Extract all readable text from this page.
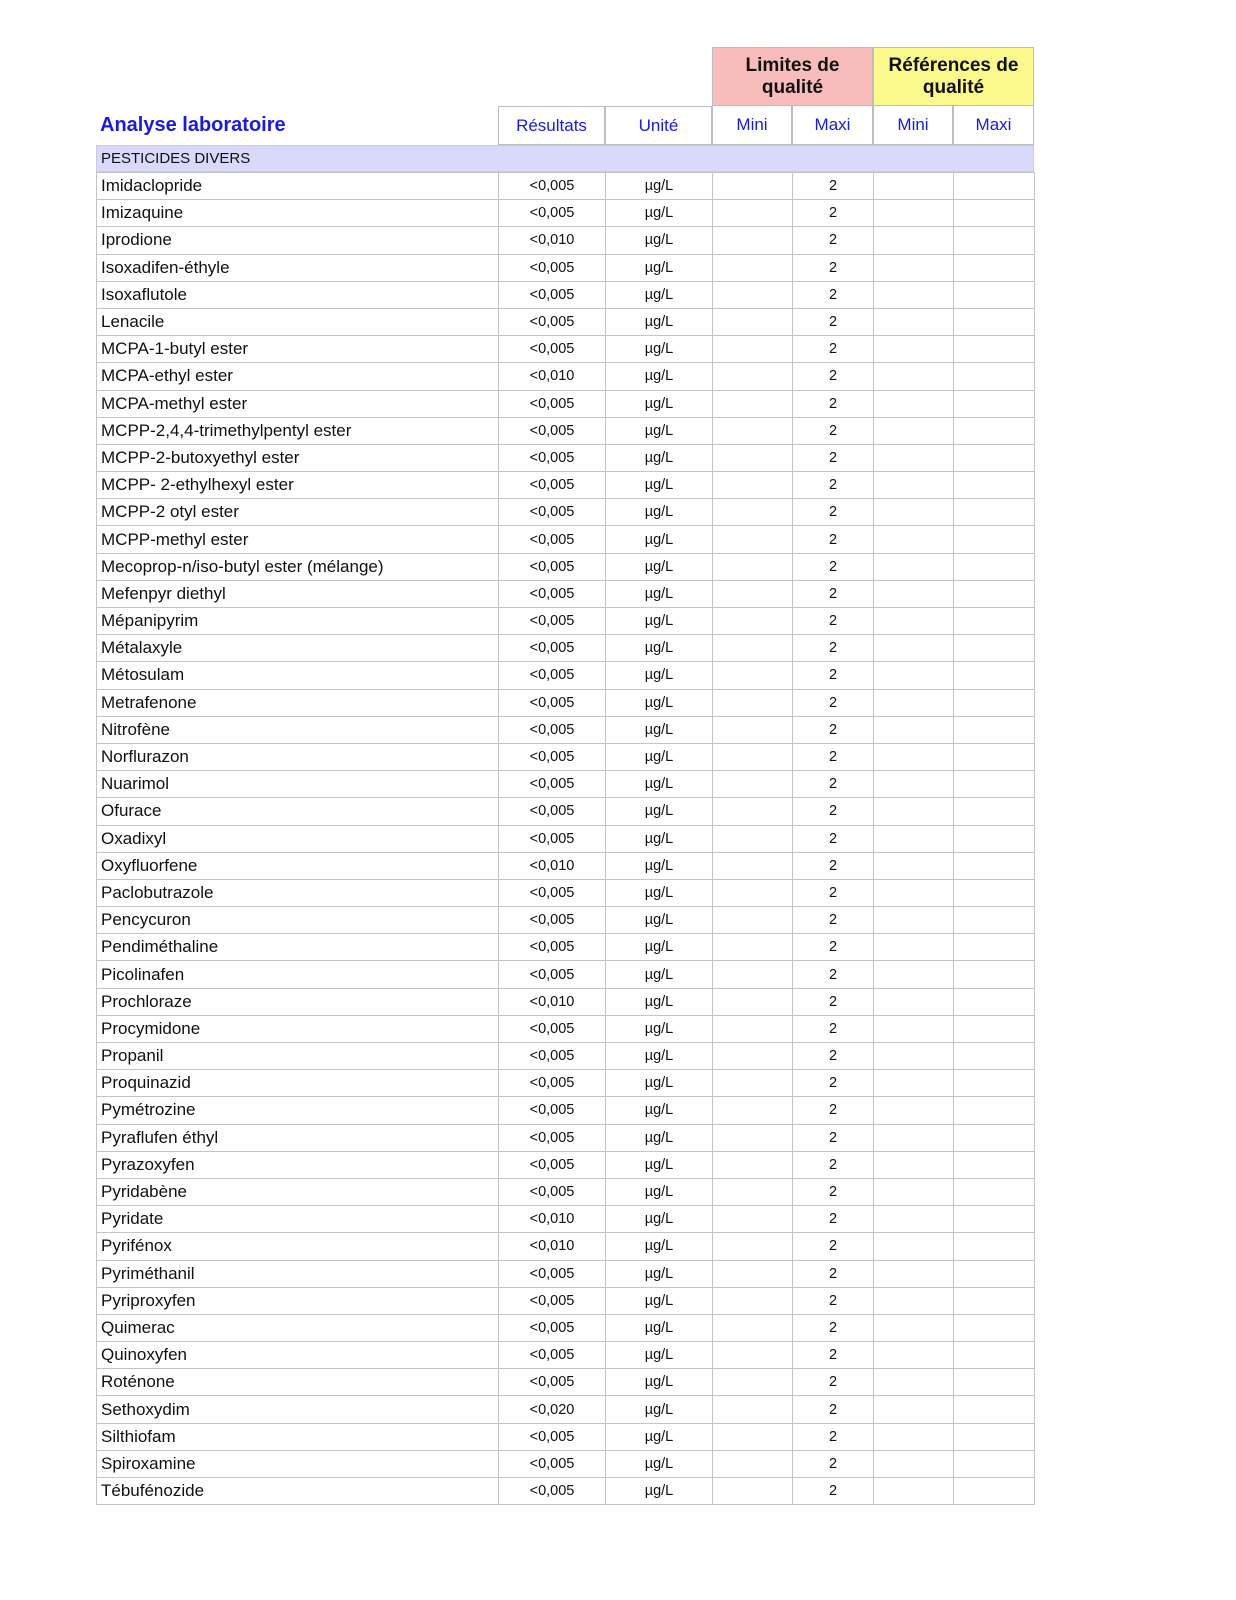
Limites de qualité
Références de qualité
Analyse laboratoire	Résultats	Unité	Mini	Maxi	Mini	Maxi
PESTICIDES DIVERS
Imidaclopride	<0,005	µg/L		2		
Imizaquine	<0,005	µg/L		2		
Iprodione	<0,010	µg/L		2		
Isoxadifen-éthyle	<0,005	µg/L		2		
Isoxaflutole	<0,005	µg/L		2		
Lenacile	<0,005	µg/L		2		
MCPA-1-butyl ester	<0,005	µg/L		2		
MCPA-ethyl ester	<0,010	µg/L		2		
MCPA-methyl ester	<0,005	µg/L		2		
MCPP-2,4,4-trimethylpentyl ester	<0,005	µg/L		2		
MCPP-2-butoxyethyl ester	<0,005	µg/L		2		
MCPP- 2-ethylhexyl ester	<0,005	µg/L		2		
MCPP-2 otyl ester	<0,005	µg/L		2		
MCPP-methyl ester	<0,005	µg/L		2		
Mecoprop-n/iso-butyl ester (mélange)	<0,005	µg/L		2		
Mefenpyr diethyl	<0,005	µg/L		2		
Mépanipyrim	<0,005	µg/L		2		
Métalaxyle	<0,005	µg/L		2		
Métosulam	<0,005	µg/L		2		
Metrafenone	<0,005	µg/L		2		
Nitrofène	<0,005	µg/L		2		
Norflurazon	<0,005	µg/L		2		
Nuarimol	<0,005	µg/L		2		
Ofurace	<0,005	µg/L		2		
Oxadixyl	<0,005	µg/L		2		
Oxyfluorfene	<0,010	µg/L		2		
Paclobutrazole	<0,005	µg/L		2		
Pencycuron	<0,005	µg/L		2		
Pendiméthaline	<0,005	µg/L		2		
Picolinafen	<0,005	µg/L		2		
Prochloraze	<0,010	µg/L		2		
Procymidone	<0,005	µg/L		2		
Propanil	<0,005	µg/L		2		
Proquinazid	<0,005	µg/L		2		
Pymétrozine	<0,005	µg/L		2		
Pyraflufen éthyl	<0,005	µg/L		2		
Pyrazoxyfen	<0,005	µg/L		2		
Pyridabène	<0,005	µg/L		2		
Pyridate	<0,010	µg/L		2		
Pyrifénox	<0,010	µg/L		2		
Pyriméthanil	<0,005	µg/L		2		
Pyriproxyfen	<0,005	µg/L		2		
Quimerac	<0,005	µg/L		2		
Quinoxyfen	<0,005	µg/L		2		
Roténone	<0,005	µg/L		2		
Sethoxydim	<0,020	µg/L		2		
Silthiofam	<0,005	µg/L		2		
Spiroxamine	<0,005	µg/L		2		
Tébufénozide	<0,005	µg/L		2		
